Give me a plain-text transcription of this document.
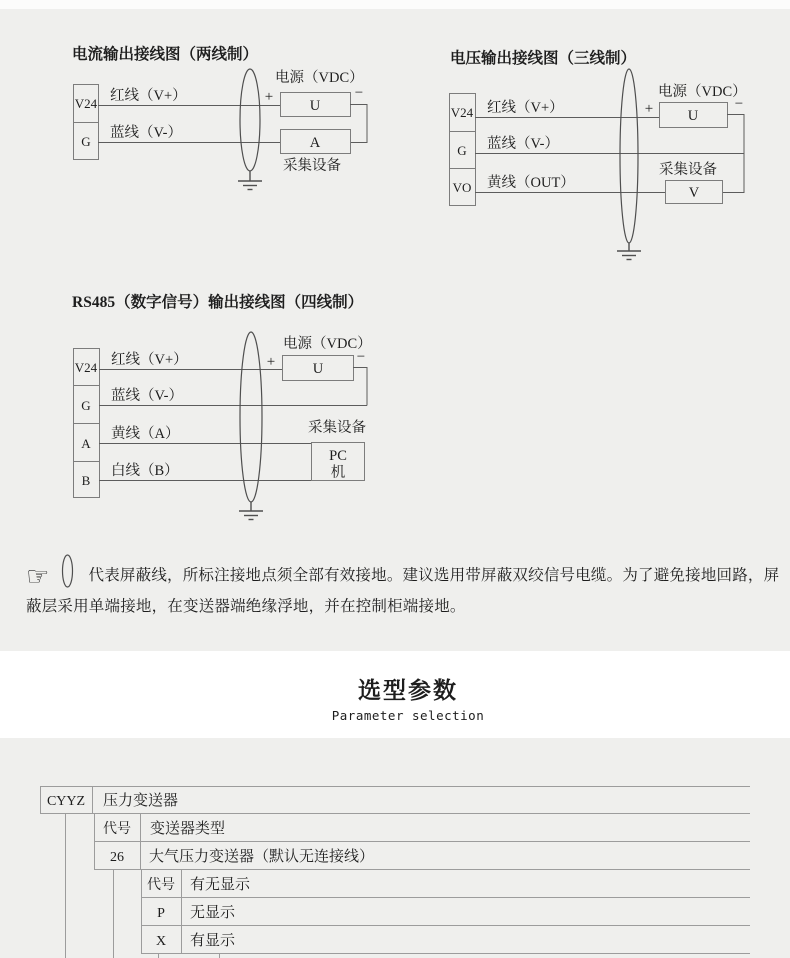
电流输出接线图（两线制）
V24
G
红线（V+）
蓝线（V-）
电源（VDC）
+
U
−
A
采集设备
电压输出接线图（三线制）
V24
G
VO
红线（V+）
蓝线（V-）
黄线（OUT）
电源（VDC）
+ U
−
采集设备
V
RS485（数字信号）输出接线图（四线制）
V24
G
A
B
红线（V+）
蓝线（V-）
黄线（A）
白线（B）
电源（VDC）
+	U
−
采集设备
PC
机
☞	代表屏蔽线，所标注接地点须全部有效接地。建议选用带屏蔽双绞信号电缆。为了避免接地回路，屏蔽层采用单端接地，在变送器端绝缘浮地，并在控制柜端接地。
选型参数
Parameter selection
CYYZ 压力变送器
代号 变送器类型
26 大气压力变送器（默认无连接线）
代号 有无显示
P 无显示
X 有显示
